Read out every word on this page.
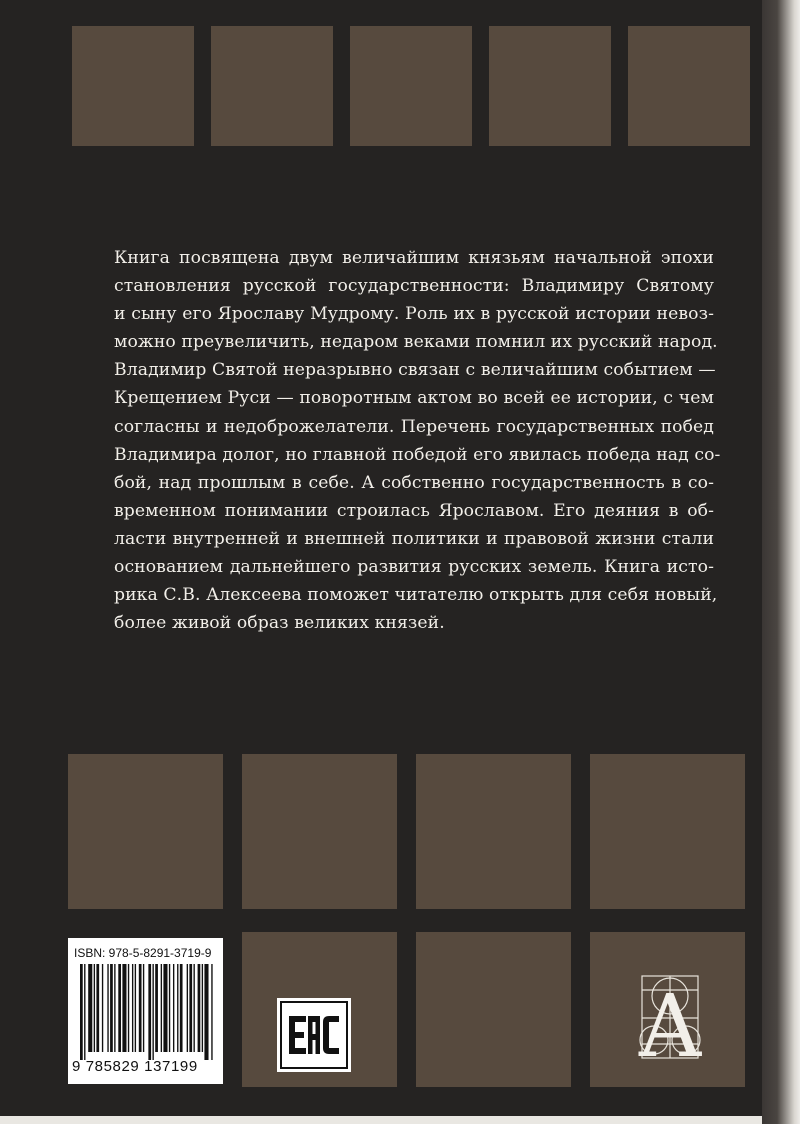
Книга посвящена двум величайшим князьям начальной эпохи
становления русской государственности: Владимиру Святому
и сыну его Ярославу Мудрому. Роль их в русской истории невоз-
можно преувеличить, недаром веками помнил их русский народ.
Владимир Святой неразрывно связан с величайшим событием —
Крещением Руси — поворотным актом во всей ее истории, с чем
согласны и недоброжелатели. Перечень государственных побед
Владимира долог, но главной победой его явилась победа над со-
бой, над прошлым в себе. А собственно государственность в со-
временном понимании строилась Ярославом. Его деяния в об-
ласти внутренней и внешней политики и правовой жизни стали
основанием дальнейшего развития русских земель. Книга исто-
рика С.В. Алексеева поможет читателю открыть для себя новый,
более живой образ великих князей.

ISBN: 978-5-8291-3719-9
9 785829 137199	A
